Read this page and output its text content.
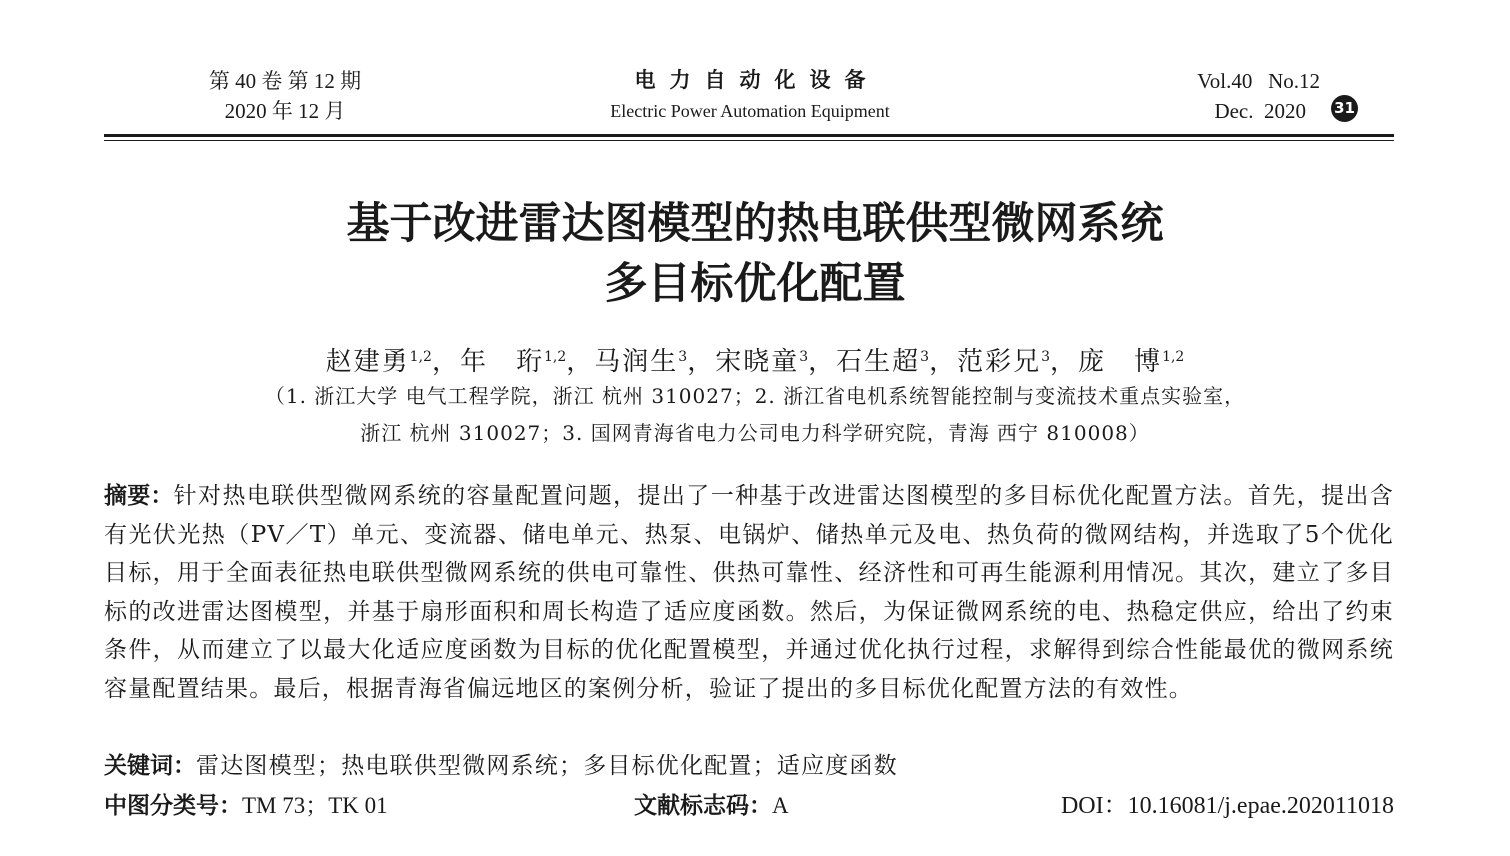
第 40 卷 第 12 期
2020 年 12 月
电力自动化设备
Electric Power Automation Equipment
Vol.40   No.12
Dec.  2020	31
基于改进雷达图模型的热电联供型微网系统
多目标优化配置
赵建勇$^{1,2}$，年　珩$^{1,2}$，马润生$^3$，宋晓童$^3$，石生超$^3$，范彩兄$^3$，庞　博$^{1,2}$
（1. 浙江大学 电气工程学院，浙江 杭州 310027；2. 浙江省电机系统智能控制与变流技术重点实验室，
浙江 杭州 310027；3. 国网青海省电力公司电力科学研究院，青海 西宁 810008）
摘要：针对热电联供型微网系统的容量配置问题，提出了一种基于改进雷达图模型的多目标优化配置方法。首先，提出含有光伏光热（PV／T）单元、变流器、储电单元、热泵、电锅炉、储热单元及电、热负荷的微网结构，并选取了5个优化目标，用于全面表征热电联供型微网系统的供电可靠性、供热可靠性、经济性和可再生能源利用情况。其次，建立了多目标的改进雷达图模型，并基于扇形面积和周长构造了适应度函数。然后，为保证微网系统的电、热稳定供应，给出了约束条件，从而建立了以最大化适应度函数为目标的优化配置模型，并通过优化执行过程，求解得到综合性能最优的微网系统容量配置结果。最后，根据青海省偏远地区的案例分析，验证了提出的多目标优化配置方法的有效性。
关键词：雷达图模型；热电联供型微网系统；多目标优化配置；适应度函数
中图分类号：TM 73；TK 01	文献标志码：A	DOI：10.16081/j.epae.202011018
